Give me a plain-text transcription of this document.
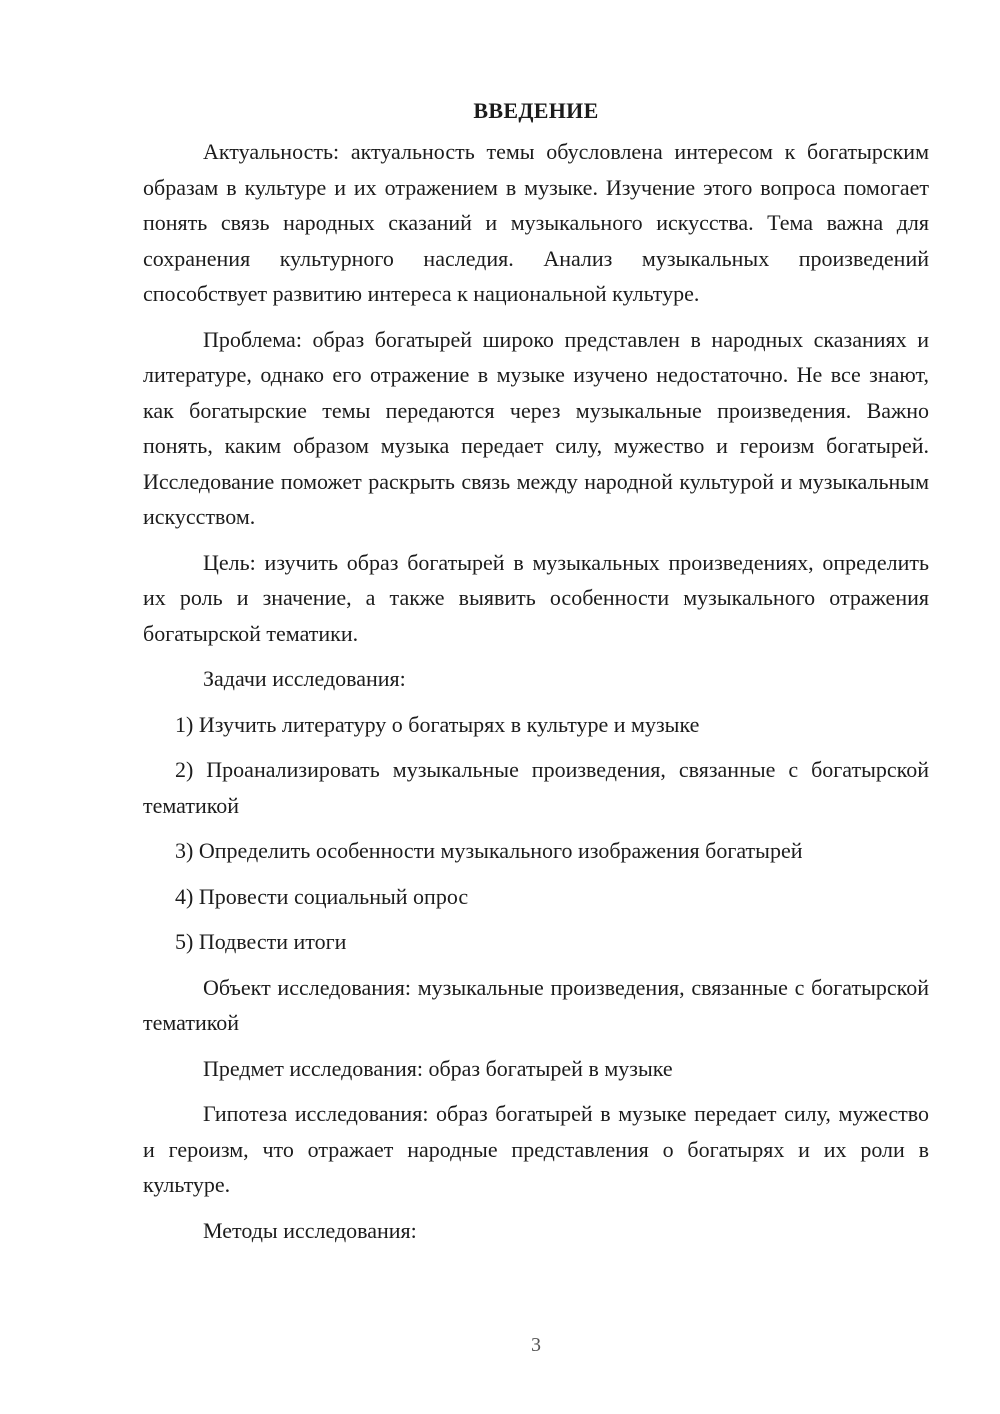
ВВЕДЕНИЕ

Актуальность: актуальность темы обусловлена интересом к богатырским образам в культуре и их отражением в музыке. Изучение этого вопроса помогает понять связь народных сказаний и музыкального искусства. Тема важна для сохранения культурного наследия. Анализ музыкальных произведений способствует развитию интереса к национальной культуре.

Проблема: образ богатырей широко представлен в народных сказаниях и литературе, однако его отражение в музыке изучено недостаточно. Не все знают, как богатырские темы передаются через музыкальные произведения. Важно понять, каким образом музыка передает силу, мужество и героизм богатырей. Исследование поможет раскрыть связь между народной культурой и музыкальным искусством.

Цель: изучить образ богатырей в музыкальных произведениях, определить их роль и значение, а также выявить особенности музыкального отражения богатырской тематики.

Задачи исследования:

1) Изучить литературу о богатырях в культуре и музыке

2) Проанализировать музыкальные произведения, связанные с богатырской тематикой

3) Определить особенности музыкального изображения богатырей

4) Провести социальный опрос

5) Подвести итоги

Объект исследования: музыкальные произведения, связанные с богатырской тематикой

Предмет исследования: образ богатырей в музыке

Гипотеза исследования: образ богатырей в музыке передает силу, мужество и героизм, что отражает народные представления о богатырях и их роли в культуре.

Методы исследования:

3
